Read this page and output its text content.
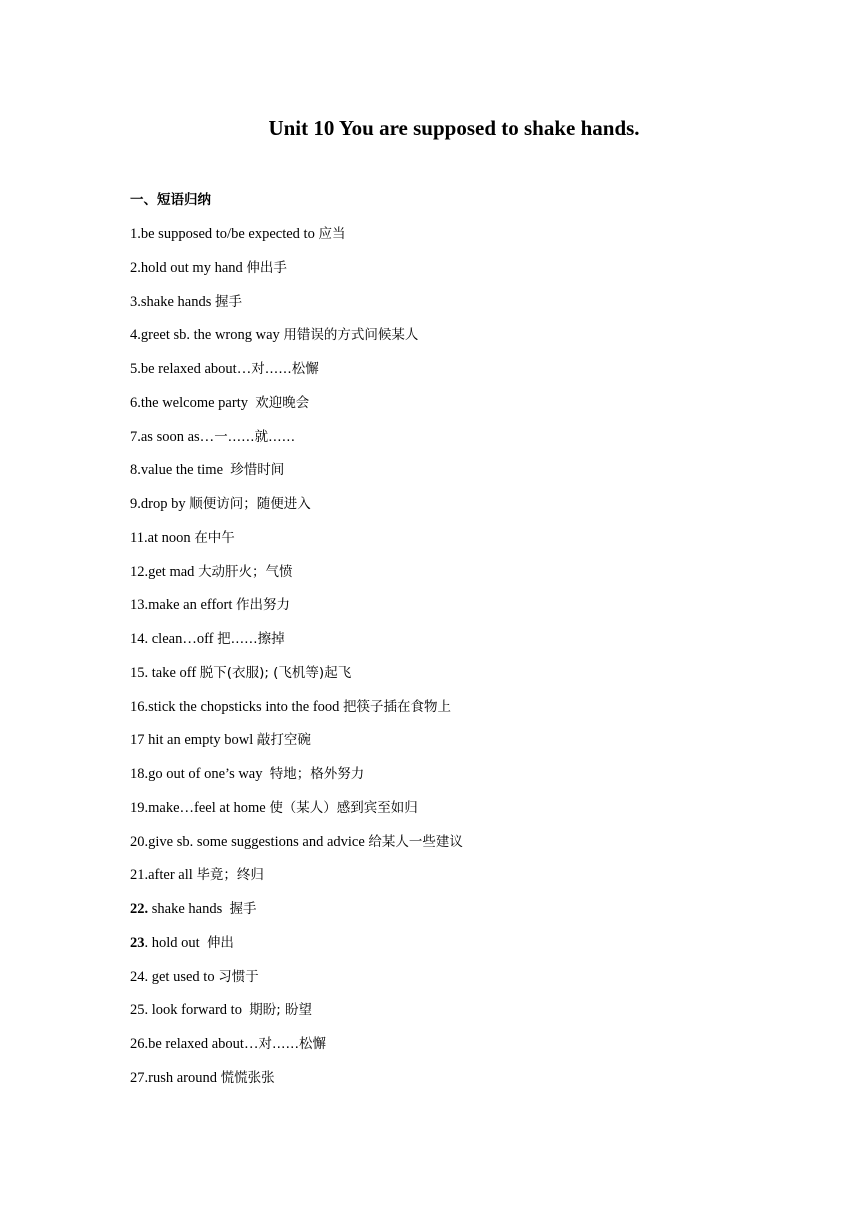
Unit 10 You are supposed to shake hands.
一、短语归纳
1.be supposed to/be expected to 应当
2.hold out my hand 伸出手
3.shake hands 握手
4.greet sb. the wrong way 用错误的方式问候某人
5.be relaxed about…对……松懈
6.the welcome party  欢迎晚会
7.as soon as…一……就……
8.value the time  珍惜时间
9.drop by 顺便访问；随便进入
11.at noon 在中午
12.get mad 大动肝火；气愤
13.make an effort 作出努力
14. clean…off 把……擦掉
15. take off 脱下(衣服); (飞机等)起飞
16.stick the chopsticks into the food 把筷子插在食物上
17 hit an empty bowl 敲打空碗
18.go out of one’s way  特地；格外努力
19.make…feel at home 使（某人）感到宾至如归
20.give sb. some suggestions and advice 给某人一些建议
21.after all 毕竟；终归
22. shake hands  握手
23. hold out  伸出
24. get used to 习惯于
25. look forward to  期盼; 盼望
26.be relaxed about…对……松懈
27.rush around 慌慌张张
